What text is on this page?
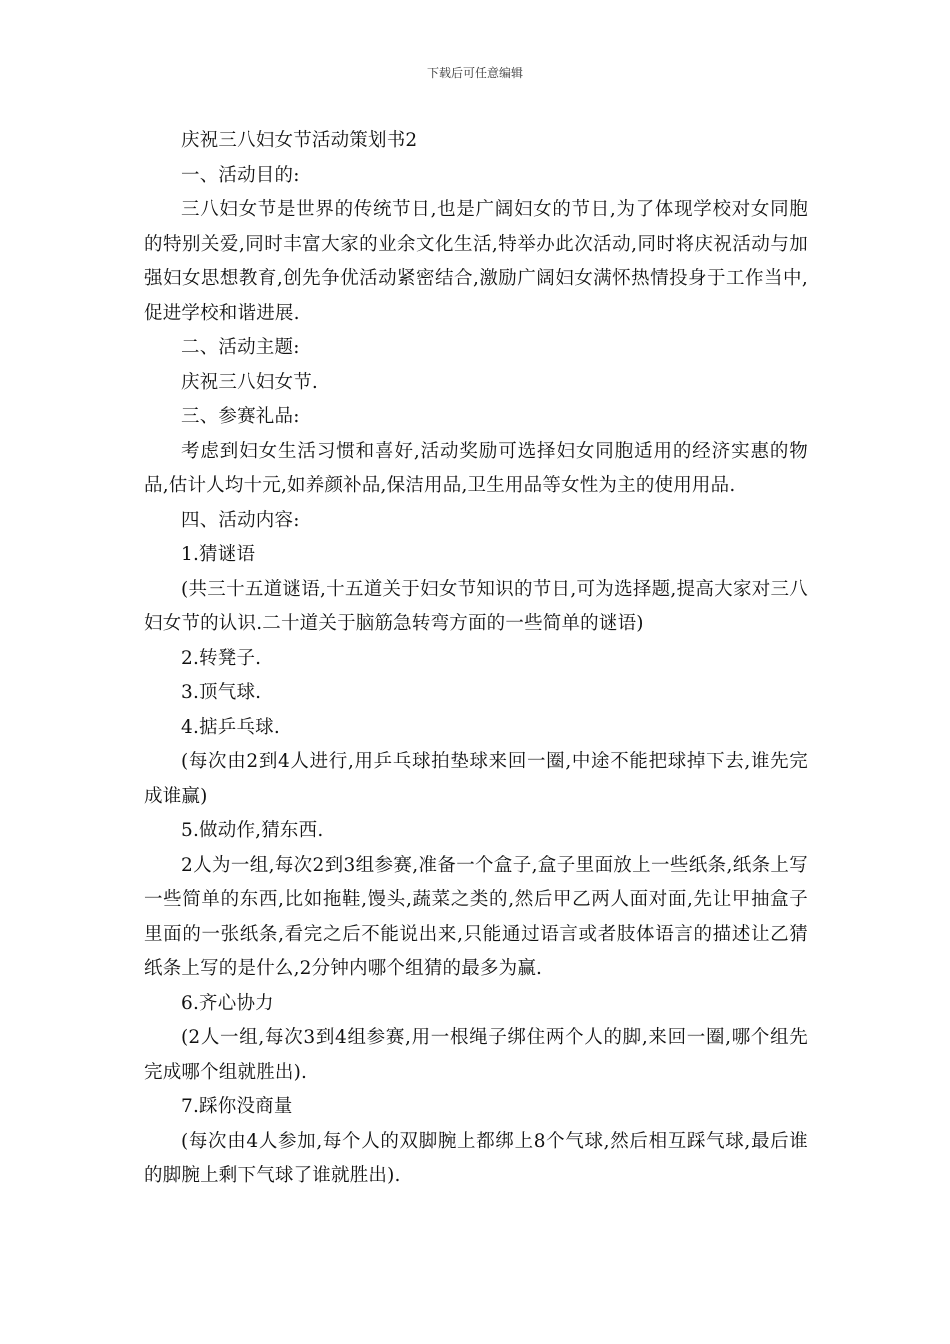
下载后可任意编辑

庆祝三八妇女节活动策划书2

一、活动目的:

三八妇女节是世界的传统节日,也是广阔妇女的节日,为了体现学校对女同胞的特别关爱,同时丰富大家的业余文化生活,特举办此次活动,同时将庆祝活动与加强妇女思想教育,创先争优活动紧密结合,激励广阔妇女满怀热情投身于工作当中,促进学校和谐进展.

二、活动主题:

庆祝三八妇女节.

三、参赛礼品:

考虑到妇女生活习惯和喜好,活动奖励可选择妇女同胞适用的经济实惠的物品,估计人均十元,如养颜补品,保洁用品,卫生用品等女性为主的使用用品.

四、活动内容:

1.猜谜语

(共三十五道谜语,十五道关于妇女节知识的节日,可为选择题,提高大家对三八妇女节的认识.二十道关于脑筋急转弯方面的一些简单的谜语)

2.转凳子.

3.顶气球.

4.掂乒乓球.

(每次由2到4人进行,用乒乓球拍垫球来回一圈,中途不能把球掉下去,谁先完成谁赢)

5.做动作,猜东西.

2人为一组,每次2到3组参赛,准备一个盒子,盒子里面放上一些纸条,纸条上写一些简单的东西,比如拖鞋,馒头,蔬菜之类的,然后甲乙两人面对面,先让甲抽盒子里面的一张纸条,看完之后不能说出来,只能通过语言或者肢体语言的描述让乙猜纸条上写的是什么,2分钟内哪个组猜的最多为赢.

6.齐心协力

(2人一组,每次3到4组参赛,用一根绳子绑住两个人的脚,来回一圈,哪个组先完成哪个组就胜出).

7.踩你没商量

(每次由4人参加,每个人的双脚腕上都绑上8个气球,然后相互踩气球,最后谁的脚腕上剩下气球了谁就胜出).
